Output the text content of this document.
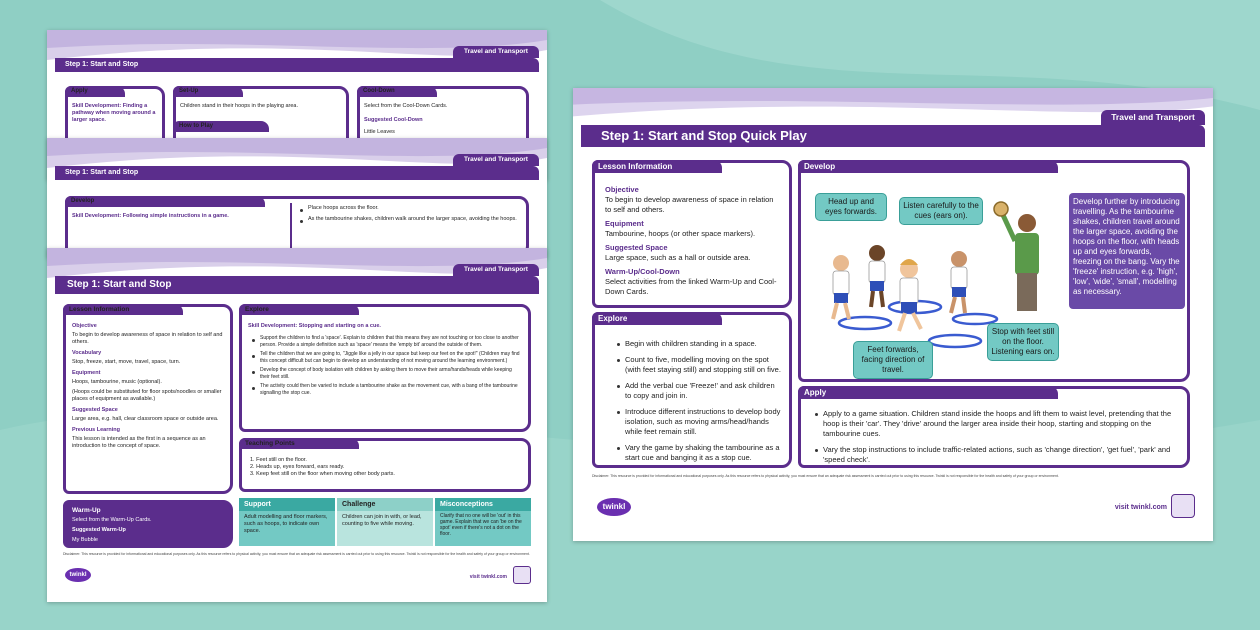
Travel and Transport
Step 1: Start and Stop
Apply
Skill Development: Finding a pathway when moving around a larger space.
Set-Up
Children stand in their hoops in the playing area.
How to Play
Cool-Down
Select from the Cool-Down Cards.
Suggested Cool-Down
Little Leaves
Travel and Transport
Step 1: Start and Stop
Develop
Skill Development: Following simple instructions in a game.
Place hoops across the floor.
As the tambourine shakes, children walk around the larger space, avoiding the hoops.
Travel and Transport
Step 1: Start and Stop
Lesson Information
Objective
To begin to develop awareness of space in relation to self and others.
Vocabulary
Stop, freeze, start, move, travel, space, turn.
Equipment
Hoops, tambourine, music (optional).
(Hoops could be substituted for floor spots/noodles or smaller places of equipment as available.)
Suggested Space
Large area, e.g. hall, clear classroom space or outside area.
Previous Learning
This lesson is intended as the first in a sequence as an introduction to the concept of space.
Warm-Up
Select from the Warm-Up Cards.
Suggested Warm-Up
My Bubble
Explore
Skill Development: Stopping and starting on a cue.
Support the children to find a 'space'. Explain to children that this means they are not touching or too close to another person. Provide a simple definition such as 'space' means the 'empty bit' around the outside of them.
Tell the children that we are going to, "Jiggle like a jelly in our space but keep our feet on the spot!" (Children may find this concept difficult but can begin to develop an understanding of not moving around the learning environment.)
Develop the concept of body isolation with children by asking them to move their arms/hands/heads while keeping their feet still.
The activity could then be varied to include a tambourine shake as the movement cue, with a bang of the tambourine signalling the stop cue.
Teaching Points
1. Feet still on the floor.
2. Heads up, eyes forward, ears ready.
3. Keep feet still on the floor when moving other body parts.
Support
Adult modelling and floor markers, such as hoops, to indicate own space.
Challenge
Children can join in with, or lead, counting to five while moving.
Misconceptions
Clarify that no one will be 'out' in this game. Explain that we can 'be on the spot' even if there's not a dot on the floor.
Disclaimer: This resource is provided for informational and educational purposes only. As this resource refers to physical activity, you must ensure that an adequate risk assessment is carried out prior to using this resource. Twinkl is not responsible for the health and safety of your group or environment.
twinkl	visit twinkl.com
Travel and Transport
Step 1: Start and Stop Quick Play
Lesson Information
Objective
To begin to develop awareness of space in relation to self and others.
Equipment
Tambourine, hoops (or other space markers).
Suggested Space
Large space, such as a hall or outside area.
Warm-Up/Cool-Down
Select activities from the linked Warm-Up and Cool-Down Cards.
Explore
Begin with children standing in a space.
Count to five, modelling moving on the spot (with feet staying still) and stopping still on five.
Add the verbal cue 'Freeze!' and ask children to copy and join in.
Introduce different instructions to develop body isolation, such as moving arms/head/hands while feet remain still.
Vary the game by shaking the tambourine as a start cue and banging it as a stop cue.
Develop
Head up and eyes forwards.
Listen carefully to the cues (ears on).
Stop with feet still on the floor. Listening ears on.
Feet forwards, facing direction of travel.
Develop further by introducing travelling. As the tambourine shakes, children travel around the larger space, avoiding the hoops on the floor, with heads up and eyes forwards, freezing on the bang. Vary the 'freeze' instruction, e.g. 'high', 'low', 'wide', 'small', modelling as necessary.
Apply
Apply to a game situation. Children stand inside the hoops and lift them to waist level, pretending that the hoop is their 'car'. They 'drive' around the larger area inside their hoop, starting and stopping on the tambourine cues.
Vary the stop instructions to include traffic-related actions, such as 'change direction', 'get fuel', 'park' and 'speed check'.
Disclaimer: This resource is provided for informational and educational purposes only. As this resource refers to physical activity, you must ensure that an adequate risk assessment is carried out prior to using this resource. Twinkl is not responsible for the health and safety of your group or environment.
twinkl	visit twinkl.com
